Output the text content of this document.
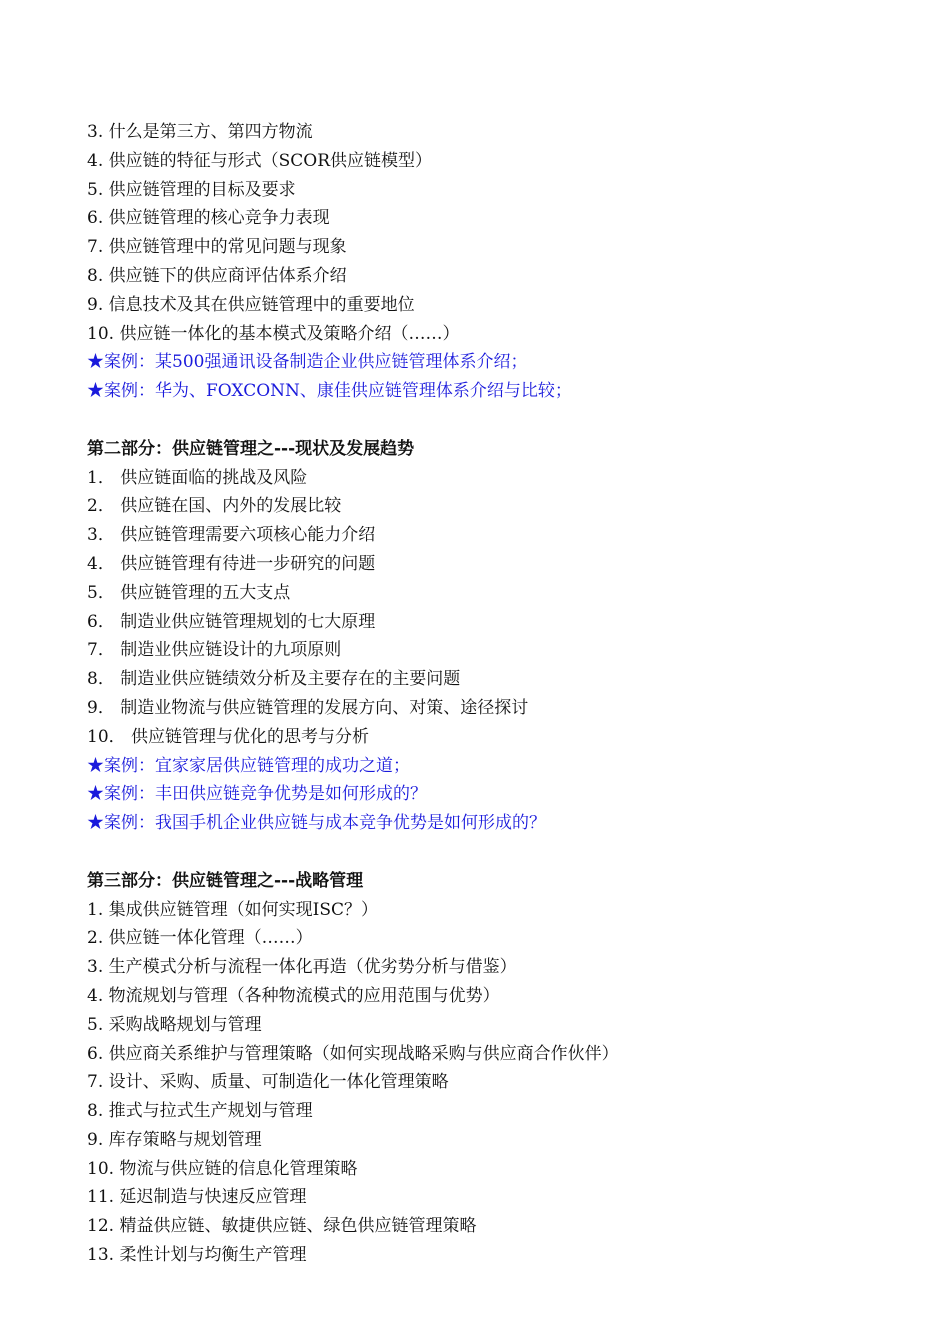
3. 什么是第三方、第四方物流
4. 供应链的特征与形式（SCOR供应链模型）
5. 供应链管理的目标及要求
6. 供应链管理的核心竞争力表现
7. 供应链管理中的常见问题与现象
8. 供应链下的供应商评估体系介绍
9. 信息技术及其在供应链管理中的重要地位
10. 供应链一体化的基本模式及策略介绍（……）
★案例：某500强通讯设备制造企业供应链管理体系介绍；
★案例：华为、FOXCONN、康佳供应链管理体系介绍与比较；
第二部分：供应链管理之---现状及发展趋势
1． 供应链面临的挑战及风险
2． 供应链在国、内外的发展比较
3． 供应链管理需要六项核心能力介绍
4． 供应链管理有待进一步研究的问题
5． 供应链管理的五大支点
6． 制造业供应链管理规划的七大原理
7． 制造业供应链设计的九项原则
8． 制造业供应链绩效分析及主要存在的主要问题
9． 制造业物流与供应链管理的发展方向、对策、途径探讨
10． 供应链管理与优化的思考与分析
★案例：宜家家居供应链管理的成功之道；
★案例：丰田供应链竞争优势是如何形成的？
★案例：我国手机企业供应链与成本竞争优势是如何形成的？
第三部分：供应链管理之---战略管理
1. 集成供应链管理（如何实现ISC？）
2. 供应链一体化管理（……）
3. 生产模式分析与流程一体化再造（优劣势分析与借鉴）
4. 物流规划与管理（各种物流模式的应用范围与优势）
5. 采购战略规划与管理
6. 供应商关系维护与管理策略（如何实现战略采购与供应商合作伙伴）
7. 设计、采购、质量、可制造化一体化管理策略
8. 推式与拉式生产规划与管理
9. 库存策略与规划管理
10. 物流与供应链的信息化管理策略
11. 延迟制造与快速反应管理
12. 精益供应链、敏捷供应链、绿色供应链管理策略
13. 柔性计划与均衡生产管理
